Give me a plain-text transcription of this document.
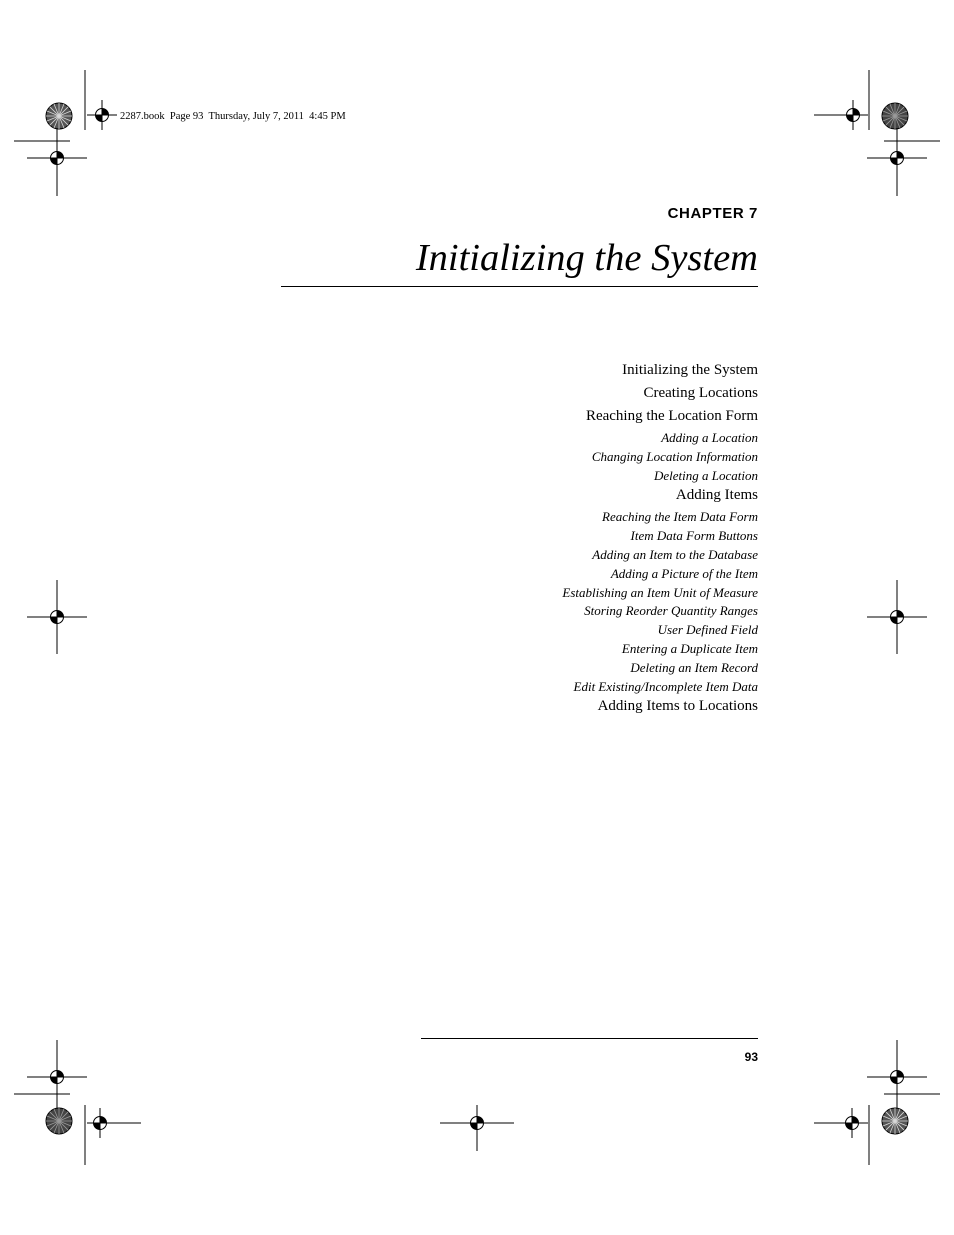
2287.book  Page 93  Thursday, July 7, 2011  4:45 PM
CHAPTER 7
Initializing the System
Initializing the System
Creating Locations
Reaching the Location Form
Adding a Location
Changing Location Information
Deleting a Location
Adding Items
Reaching the Item Data Form
Item Data Form Buttons
Adding an Item to the Database
Adding a Picture of the Item
Establishing an Item Unit of Measure
Storing Reorder Quantity Ranges
User Defined Field
Entering a Duplicate Item
Deleting an Item Record
Edit Existing/Incomplete Item Data
Adding Items to Locations
93
